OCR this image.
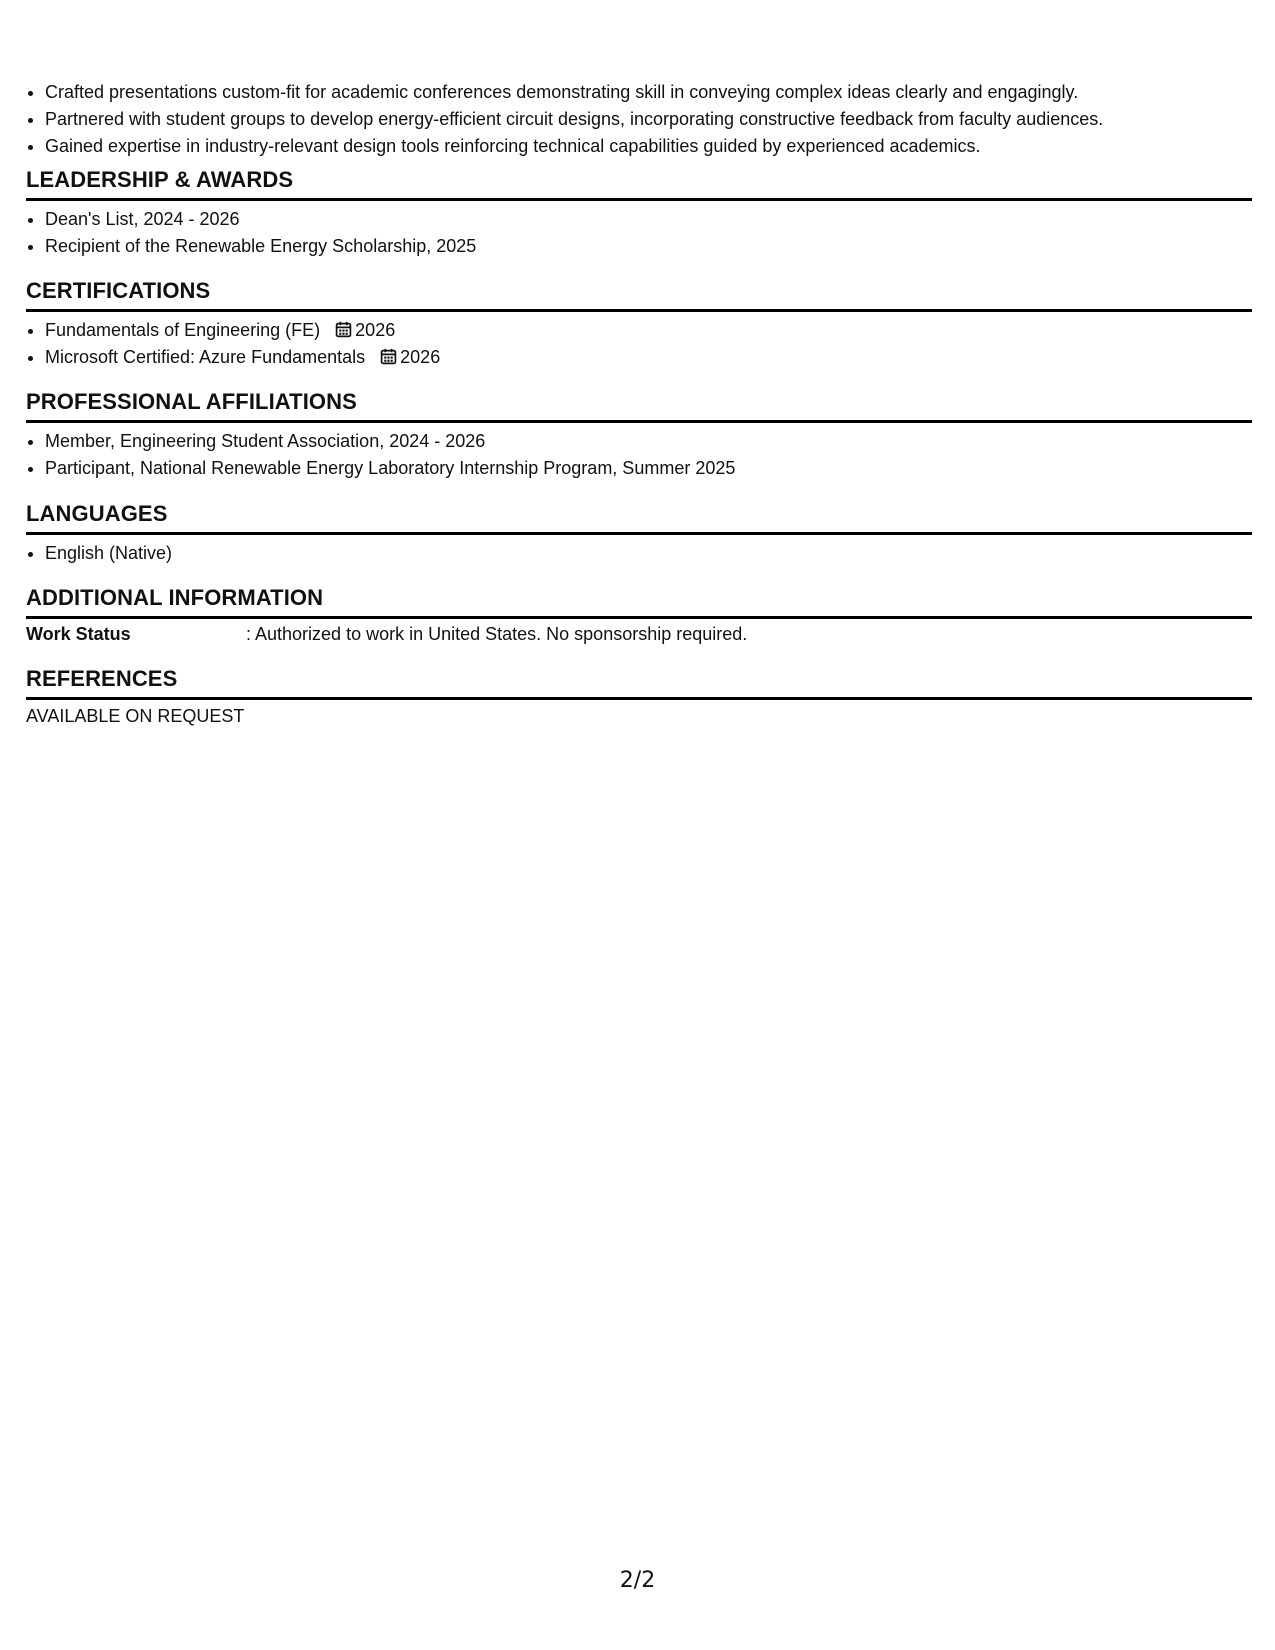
• Crafted presentations custom-fit for academic conferences demonstrating skill in conveying complex ideas clearly and engagingly.
• Partnered with student groups to develop energy-efficient circuit designs, incorporating constructive feedback from faculty audiences.
• Gained expertise in industry-relevant design tools reinforcing technical capabilities guided by experienced academics.
LEADERSHIP & AWARDS
• Dean's List, 2024 - 2026
• Recipient of the Renewable Energy Scholarship, 2025
CERTIFICATIONS
• Fundamentals of Engineering (FE) 2026
• Microsoft Certified: Azure Fundamentals 2026
PROFESSIONAL AFFILIATIONS
• Member, Engineering Student Association, 2024 - 2026
• Participant, National Renewable Energy Laboratory Internship Program, Summer 2025
LANGUAGES
• English (Native)
ADDITIONAL INFORMATION
Work Status	: Authorized to work in United States. No sponsorship required.
REFERENCES
AVAILABLE ON REQUEST
2/2
